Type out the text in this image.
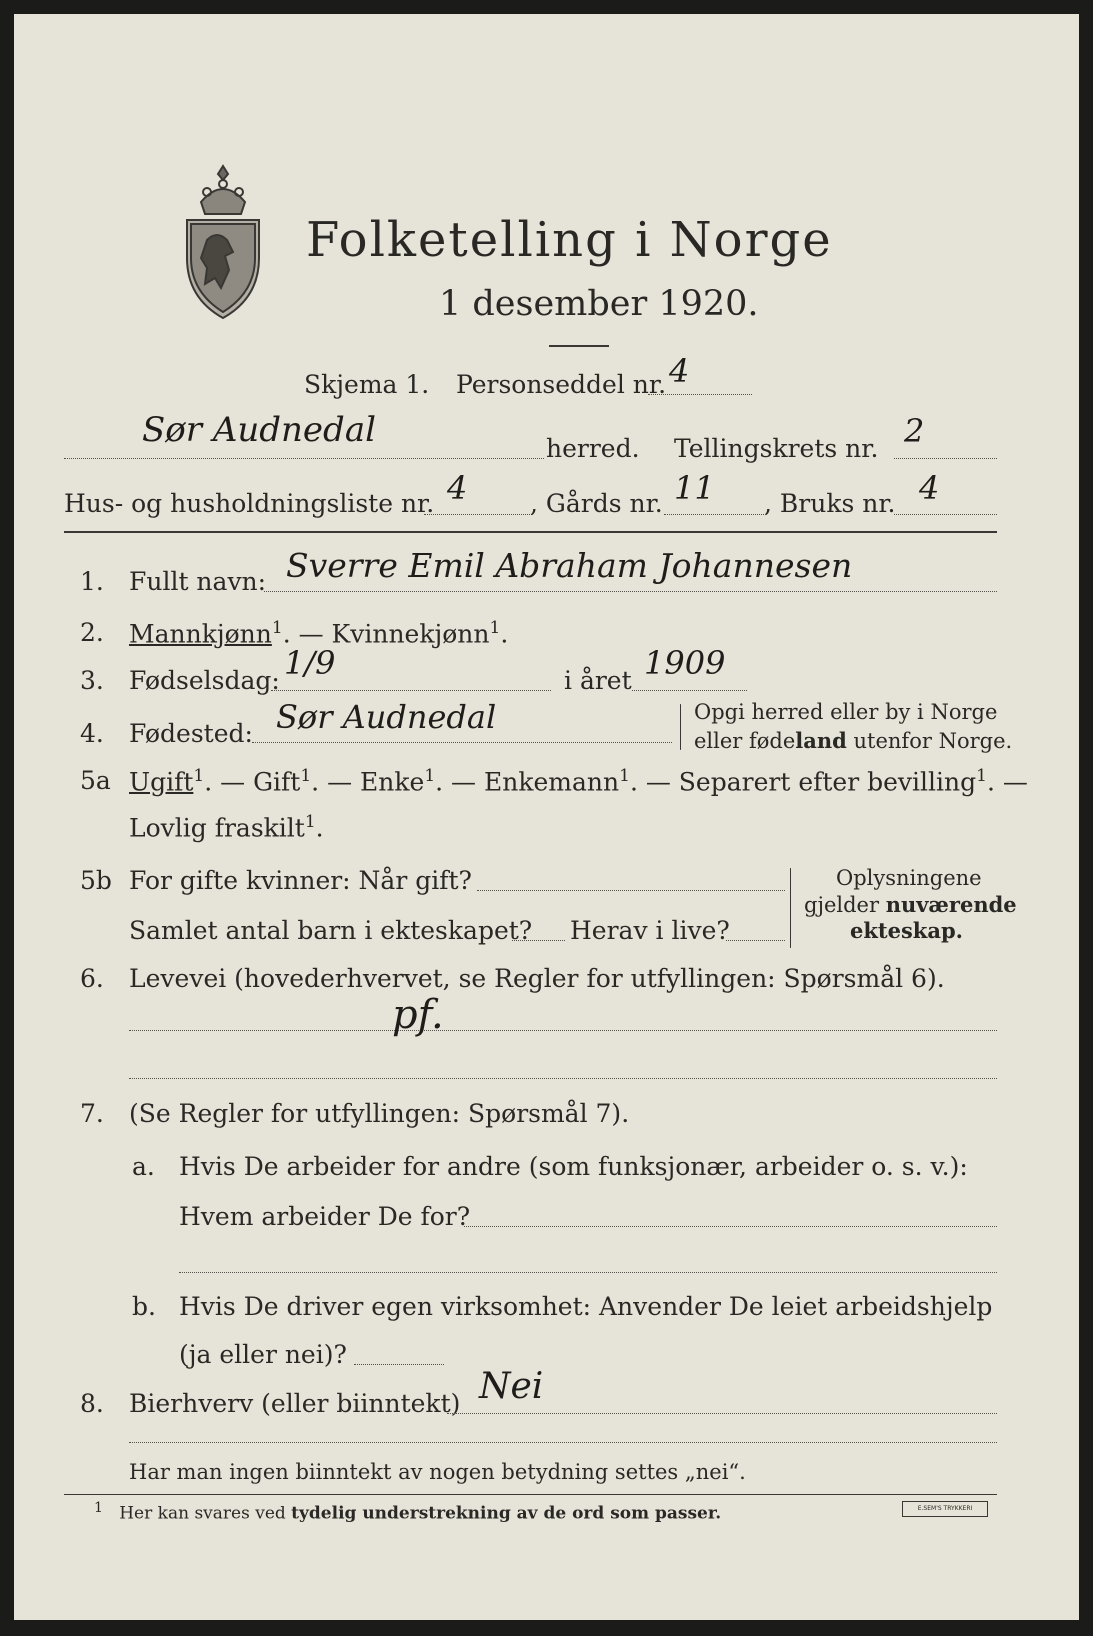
Folketelling i Norge
1 desember 1920.
Skjema 1. Personseddel nr. 4
Sør Audnedal	herred. Tellingskrets nr. 2
Hus- og husholdningsliste nr. 4	, Gårds nr. 11 , Bruks nr. 4
1. Fullt navn: Sverre Emil Abraham Johannesen
2. Mannkjønn$^1$. — Kvinnekjønn$^1$.
3. Fødselsdag: 1/9	i året 1909
4. Fødested: Sør Audnedal	Opgi herred eller by i Norge
eller fødeland utenfor Norge.
5a Ugift$^1$. — Gift$^1$. — Enke$^1$. — Enkemann$^1$. — Separert efter bevilling$^1$. —
Lovlig fraskilt$^1$.
5b For gifte kvinner: Når gift?
Samlet antal barn i ekteskapet? Herav i live?
Oplysningene
gjelder nuværende
ekteskap.
6. Levevei (hovederhvervet, se Regler for utfyllingen: Spørsmål 6).
pf.
7. (Se Regler for utfyllingen: Spørsmål 7).
a. Hvis De arbeider for andre (som funksjonær, arbeider o. s. v.):
Hvem arbeider De for?
b. Hvis De driver egen virksomhet: Anvender De leiet arbeidshjelp
(ja eller nei)?
8. Bierhverv (eller biinntekt) Nei
Har man ingen biinntekt av nogen betydning settes „nei“.
$^1$ Her kan svares ved tydelig understrekning av de ord som passer.	E.SEM'S TRYKKERI
